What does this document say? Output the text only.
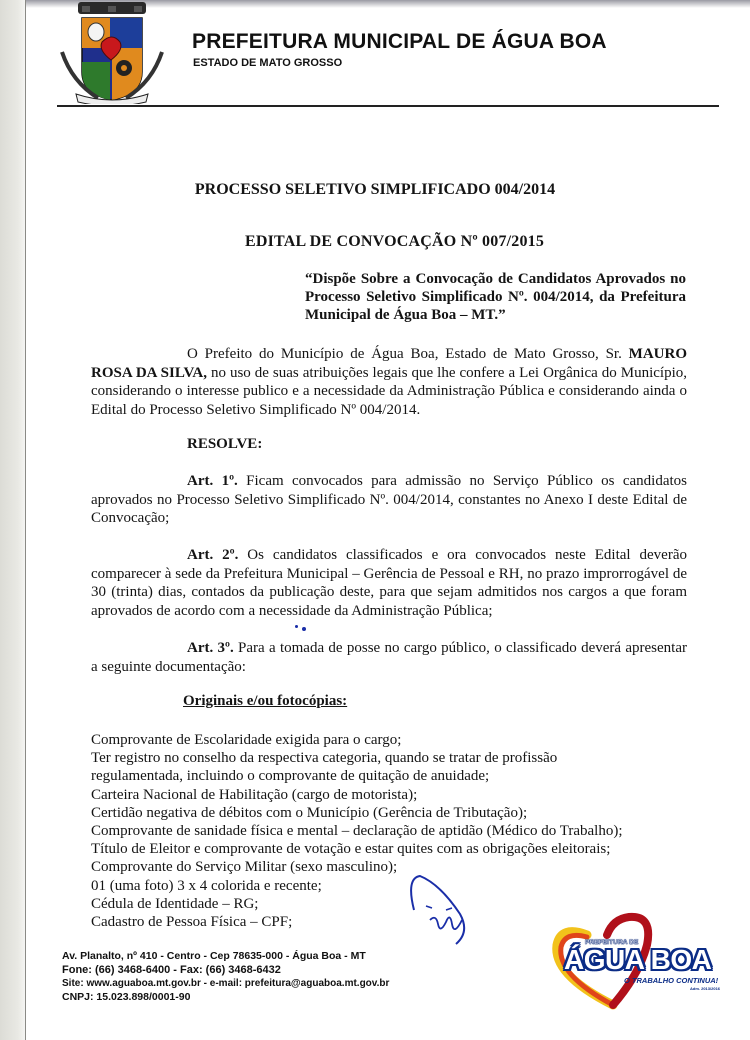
PREFEITURA MUNICIPAL DE ÁGUA BOA
ESTADO DE MATO GROSSO
PROCESSO SELETIVO SIMPLIFICADO 004/2014
EDITAL DE CONVOCAÇÃO Nº 007/2015
“Dispõe Sobre a Convocação de Candidatos Aprovados no Processo Seletivo Simplificado Nº. 004/2014, da Prefeitura Municipal de Água Boa – MT.”
O Prefeito do Município de Água Boa, Estado de Mato Grosso, Sr. MAURO ROSA DA SILVA, no uso de suas atribuições legais que lhe confere a Lei Orgânica do Município, considerando o interesse publico e a necessidade da Administração Pública e considerando ainda o Edital do Processo Seletivo Simplificado Nº 004/2014.
RESOLVE:
Art. 1º. Ficam convocados para admissão no Serviço Público os candidatos aprovados no Processo Seletivo Simplificado Nº. 004/2014, constantes no Anexo I deste Edital de Convocação;
Art. 2º. Os candidatos classificados e ora convocados neste Edital deverão comparecer à sede da Prefeitura Municipal – Gerência de Pessoal e RH, no prazo improrrogável de 30 (trinta) dias, contados da publicação deste, para que sejam admitidos nos cargos a que foram aprovados de acordo com a necessidade da Administração Pública;
Art. 3º. Para a tomada de posse no cargo público, o classificado deverá apresentar a seguinte documentação:
Originais e/ou fotocópias:
Comprovante de Escolaridade exigida para o cargo;
Ter registro no conselho da respectiva categoria, quando se tratar de profissão
regulamentada, incluindo o comprovante de quitação de anuidade;
Carteira Nacional de Habilitação (cargo de motorista);
Certidão negativa de débitos com o Município (Gerência de Tributação);
Comprovante de sanidade física e mental – declaração de aptidão (Médico do Trabalho);
Título de Eleitor e comprovante de votação e estar quites com as obrigações eleitorais;
Comprovante do Serviço Militar (sexo masculino);
01 (uma foto) 3 x 4 colorida e recente;
Cédula de Identidade – RG;
Cadastro de Pessoa Física – CPF;
Av. Planalto, nº 410 - Centro - Cep 78635-000 - Água Boa - MT
Fone: (66) 3468-6400 - Fax: (66) 3468-6432
Site: www.aguaboa.mt.gov.br - e-mail: prefeitura@aguaboa.mt.gov.br
CNPJ: 15.023.898/0001-90
PREFEITURA DE
ÁGUA BOA
O TRABALHO CONTINUA!
Adm. 2013/2016
